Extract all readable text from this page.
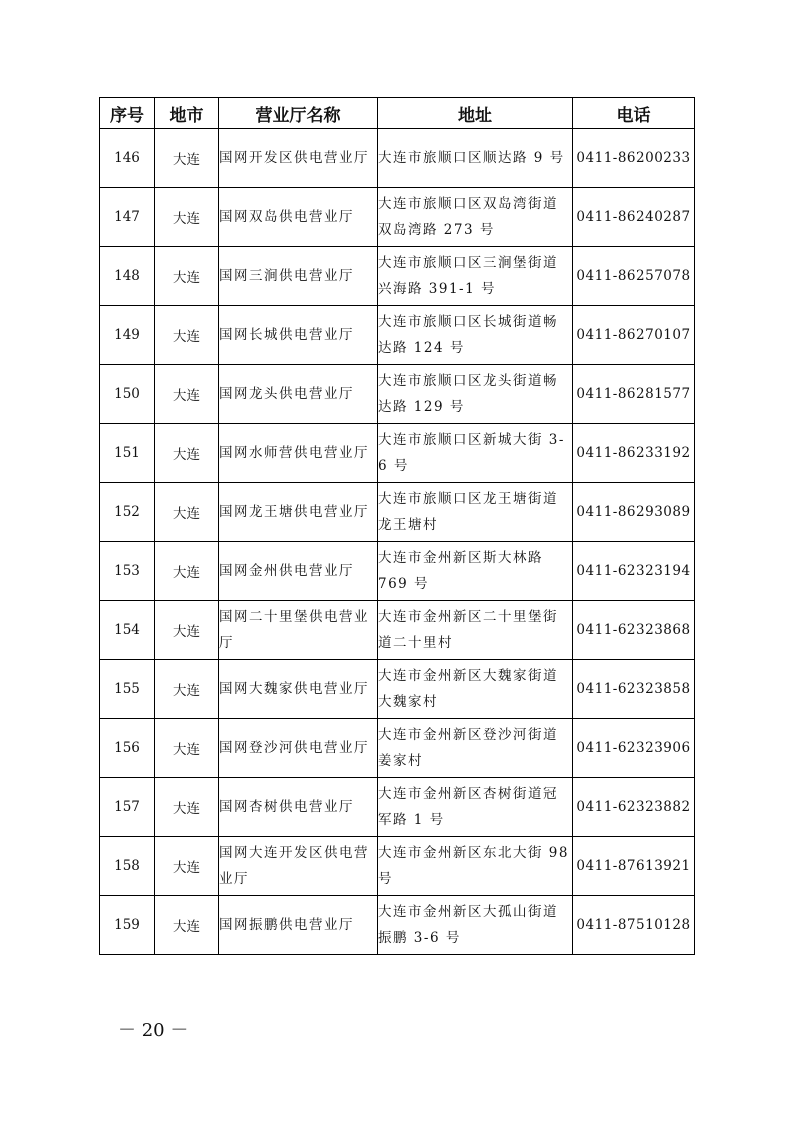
序号	地市	营业厅名称	地址	电话
146	大连	国网开发区供电营业厅	大连市旅顺口区顺达路 9 号	0411-86200233
147	大连	国网双岛供电营业厅	大连市旅顺口区双岛湾街道双岛湾路 273 号	0411-86240287
148	大连	国网三涧供电营业厅	大连市旅顺口区三涧堡街道兴海路 391-1 号	0411-86257078
149	大连	国网长城供电营业厅	大连市旅顺口区长城街道畅达路 124 号	0411-86270107
150	大连	国网龙头供电营业厅	大连市旅顺口区龙头街道畅达路 129 号	0411-86281577
151	大连	国网水师营供电营业厅	大连市旅顺口区新城大街 3-6 号	0411-86233192
152	大连	国网龙王塘供电营业厅	大连市旅顺口区龙王塘街道龙王塘村	0411-86293089
153	大连	国网金州供电营业厅	大连市金州新区斯大林路 769 号	0411-62323194
154	大连	国网二十里堡供电营业厅	大连市金州新区二十里堡街道二十里村	0411-62323868
155	大连	国网大魏家供电营业厅	大连市金州新区大魏家街道大魏家村	0411-62323858
156	大连	国网登沙河供电营业厅	大连市金州新区登沙河街道姜家村	0411-62323906
157	大连	国网杏树供电营业厅	大连市金州新区杏树街道冠军路 1 号	0411-62323882
158	大连	国网大连开发区供电营业厅	大连市金州新区东北大街 98 号	0411-87613921
159	大连	国网振鹏供电营业厅	大连市金州新区大孤山街道振鹏 3-6 号	0411-87510128
－ 20 －
